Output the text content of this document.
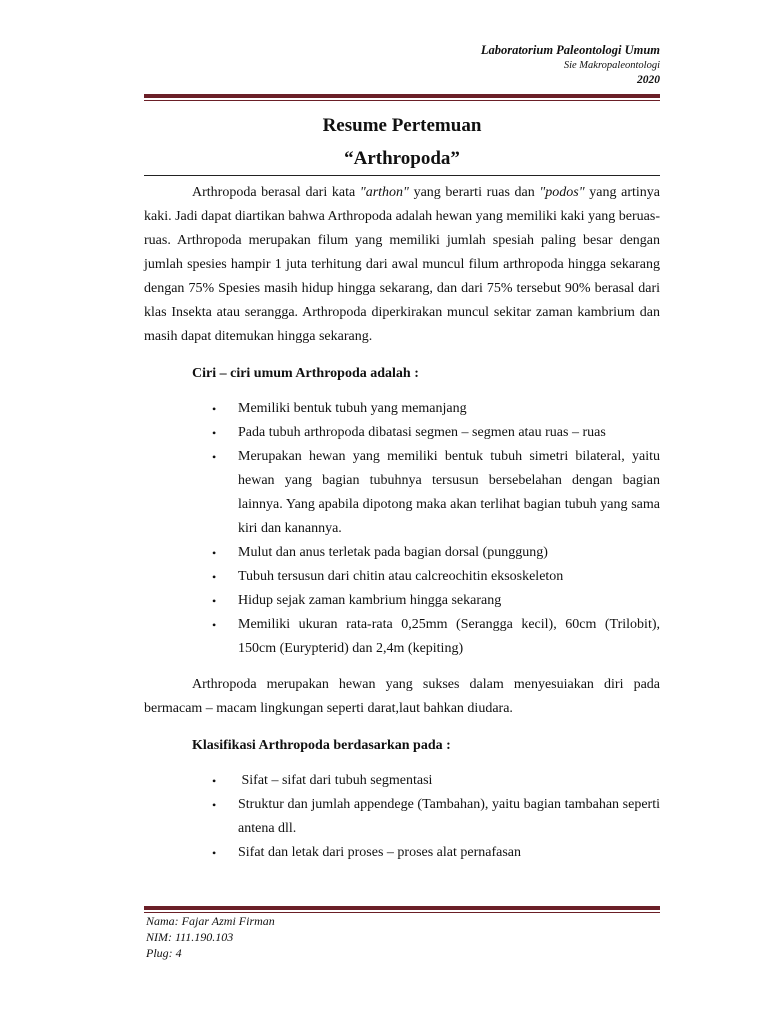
Laboratorium Paleontologi Umum
Sie Makropaleontologi
2020
Resume Pertemuan
“Arthropoda”

Arthropoda berasal dari kata "arthon" yang berarti ruas dan "podos" yang artinya kaki. Jadi dapat diartikan bahwa Arthropoda adalah hewan yang memiliki kaki yang beruas-ruas. Arthropoda merupakan filum yang memiliki jumlah spesiah paling besar dengan jumlah spesies hampir 1 juta terhitung dari awal muncul filum arthropoda hingga sekarang dengan 75% Spesies masih hidup hingga sekarang, dan dari 75% tersebut 90% berasal dari klas Insekta atau serangga. Arthropoda diperkirakan muncul sekitar zaman kambrium dan masih dapat ditemukan hingga sekarang.

Ciri – ciri umum Arthropoda adalah :

• Memiliki bentuk tubuh yang memanjang
• Pada tubuh arthropoda dibatasi segmen – segmen atau ruas – ruas
• Merupakan hewan yang memiliki bentuk tubuh simetri bilateral, yaitu hewan yang bagian tubuhnya tersusun bersebelahan dengan bagian lainnya. Yang apabila dipotong maka akan terlihat bagian tubuh yang sama kiri dan kanannya.
• Mulut dan anus terletak pada bagian dorsal (punggung)
• Tubuh tersusun dari chitin atau calcreochitin eksoskeleton
• Hidup sejak zaman kambrium hingga sekarang
• Memiliki ukuran rata-rata 0,25mm (Serangga kecil), 60cm (Trilobit), 150cm (Eurypterid) dan 2,4m (kepiting)

Arthropoda merupakan hewan yang sukses dalam menyesuiakan diri pada bermacam – macam lingkungan seperti darat,laut bahkan diudara.

Klasifikasi Arthropoda berdasarkan pada :

• Sifat – sifat dari tubuh segmentasi
• Struktur dan jumlah appendege (Tambahan), yaitu bagian tambahan seperti antena dll.
• Sifat dan letak dari proses – proses alat pernafasan
Nama: Fajar Azmi Firman
NIM: 111.190.103
Plug: 4
